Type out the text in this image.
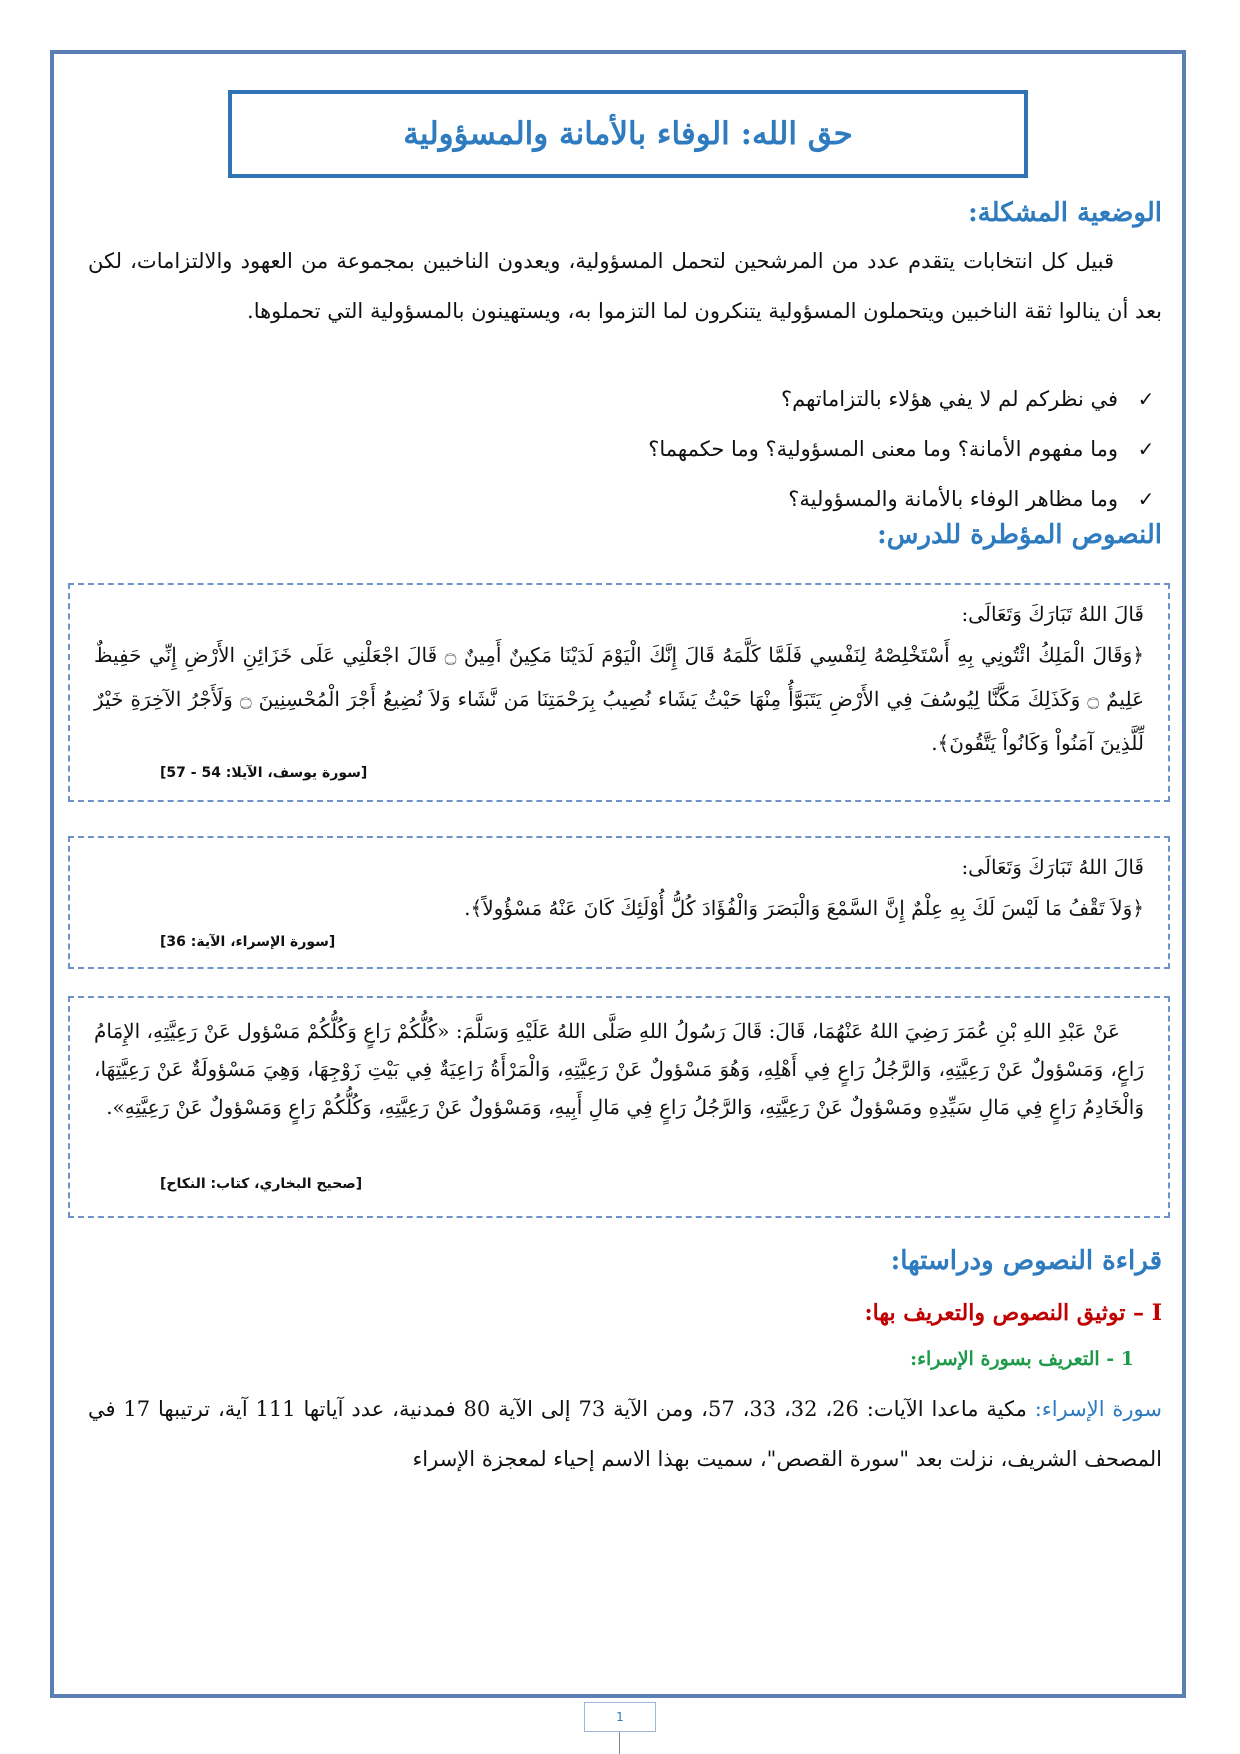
حق الله: الوفاء بالأمانة والمسؤولية
الوضعية المشكلة:

قبيل كل انتخابات يتقدم عدد من المرشحين لتحمل المسؤولية، ويعدون الناخبين بمجموعة من العهود والالتزامات، لكن بعد أن ينالوا ثقة الناخبين ويتحملون المسؤولية يتنكرون لما التزموا به، ويستهينون بالمسؤولية التي تحملوها.

✓
في نظركم لم لا يفي هؤلاء بالتزاماتهم؟
✓
وما مفهوم الأمانة؟ وما معنى المسؤولية؟ وما حكمهما؟
✓
وما مظاهر الوفاء بالأمانة والمسؤولية؟
النصوص المؤطرة للدرس:

قَالَ اللهُ تَبَارَكَ وَتَعَالَى:

﴿وَقَالَ الْمَلِكُ ائْتُونِي بِهِ أَسْتَخْلِصْهُ لِنَفْسِي فَلَمَّا كَلَّمَهُ قَالَ إِنَّكَ الْيَوْمَ لَدَيْنَا مَكِينٌ أَمِينٌ ۝ قَالَ اجْعَلْنِي عَلَى خَزَائِنِ الأَرْضِ إِنِّي حَفِيظٌ عَلِيمٌ ۝ وَكَذَلِكَ مَكَّنَّا لِيُوسُفَ فِي الأَرْضِ يَتَبَوَّأُ مِنْهَا حَيْثُ يَشَاء نُصِيبُ بِرَحْمَتِنَا مَن نَّشَاء وَلاَ نُضِيعُ أَجْرَ الْمُحْسِنِينَ ۝ وَلَأَجْرُ الآخِرَةِ خَيْرٌ لِّلَّذِينَ آمَنُواْ وَكَانُواْ يَتَّقُونَ﴾.

[سورة يوسف، الآيلا: 54 - 57]

قَالَ اللهُ تَبَارَكَ وَتَعَالَى:

﴿وَلاَ تَقْفُ مَا لَيْسَ لَكَ بِهِ عِلْمٌ إِنَّ السَّمْعَ وَالْبَصَرَ وَالْفُؤَادَ كُلُّ أُوْلَئِكَ كَانَ عَنْهُ مَسْؤُولاً﴾.

[سورة الإسراء، الآية: 36]

عَنْ عَبْدِ اللهِ بْنِ عُمَرَ رَضِيَ اللهُ عَنْهُمَا، قَالَ: قَالَ رَسُولُ اللهِ صَلَّى اللهُ عَلَيْهِ وَسَلَّمَ: «كُلُّكُمْ رَاعٍ وَكُلُّكُمْ مَسْؤول عَنْ رَعِيَّتِهِ، الإِمَامُ رَاعٍ، وَمَسْؤولٌ عَنْ رَعِيَّتِهِ، وَالرَّجُلُ رَاعٍ فِي أَهْلِهِ، وَهُوَ مَسْؤولٌ عَنْ رَعِيَّتِهِ، وَالْمَرْأَةُ رَاعِيَةٌ فِي بَيْتِ زَوْجِهَا، وَهِيَ مَسْؤولَةٌ عَنْ رَعِيَّتِهَا، وَالْخَادِمُ رَاعٍ فِي مَالِ سَيِّدِهِ ومَسْؤولٌ عَنْ رَعِيَّتِهِ، وَالرَّجُلُ رَاعٍ فِي مَالِ أَبِيهِ، وَمَسْؤولٌ عَنْ رَعِيَّتِهِ، وَكُلُّكُمْ رَاعٍ وَمَسْؤولٌ عَنْ رَعِيَّتِهِ».

[صحيح البخاري، كتاب: النكاح]

قراءة النصوص ودراستها:
I – توثيق النصوص والتعريف بها:
1 - التعريف بسورة الإسراء:

سورة الإسراء: مكية ماعدا الآيات: 26، 32، 33، 57، ومن الآية 73 إلى الآية 80 فمدنية، عدد آياتها 111 آية، ترتيبها 17 في المصحف الشريف، نزلت بعد "سورة القصص"، سميت بهذا الاسم إحياء لمعجزة الإسراء

1
